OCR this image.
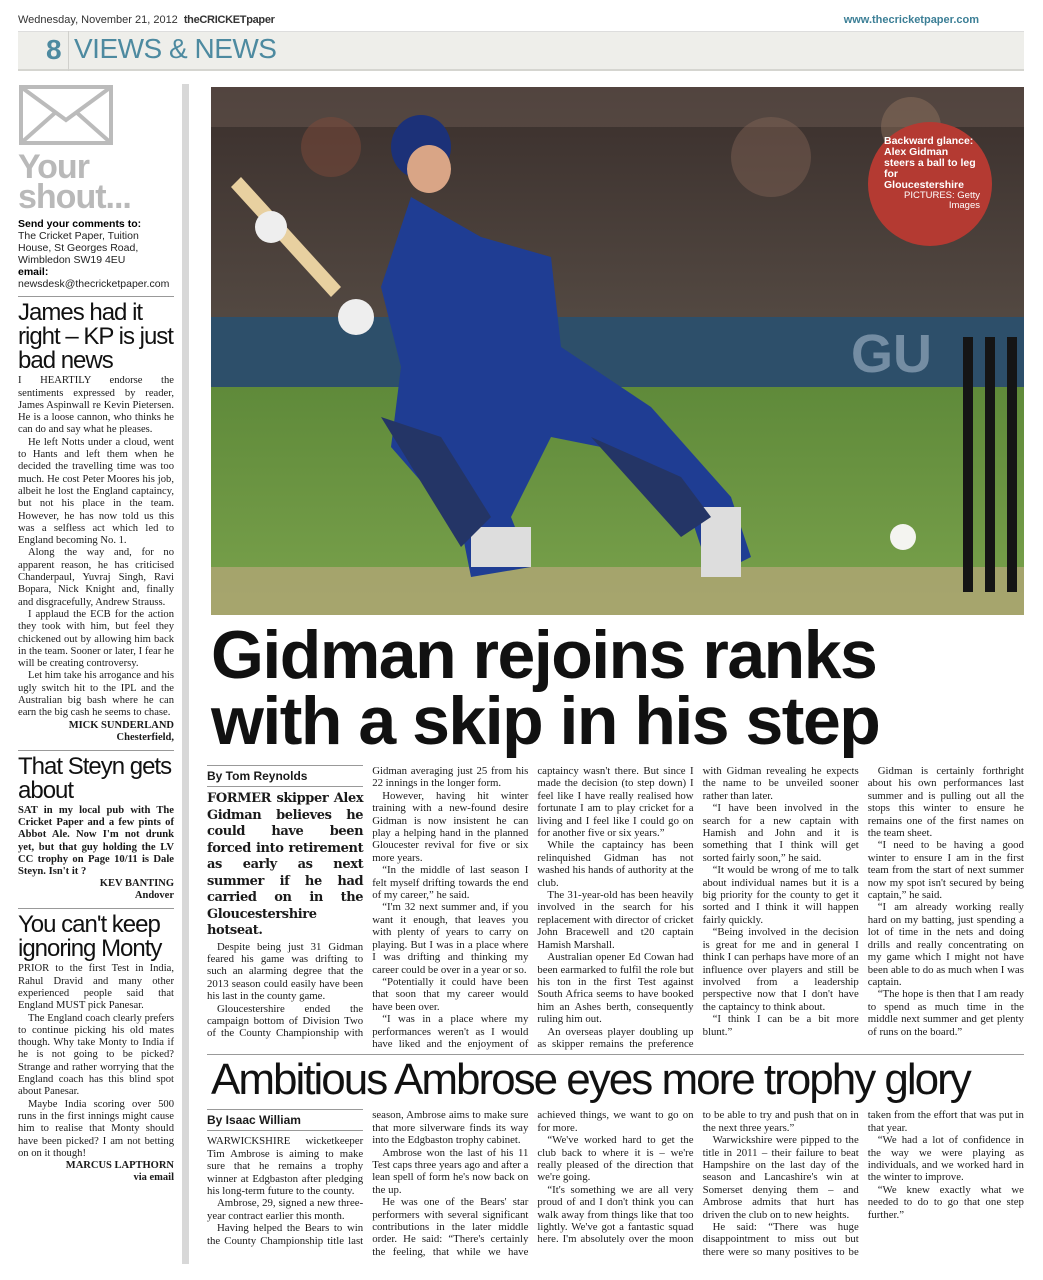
Wednesday, November 21, 2012 theCRICKETpaper	www.thecricketpaper.com
8 VIEWS & NEWS
Your shout...
Send your comments to:
The Cricket Paper, Tuition House, St Georges Road, Wimbledon SW19 4EU
email:
newsdesk@thecricketpaper.com
James had it right – KP is just bad news
I HEARTILY endorse the sentiments expressed by reader, James Aspinwall re Kevin Pietersen. He is a loose cannon, who thinks he can do and say what he pleases.
He left Notts under a cloud, went to Hants and left them when he decided the travelling time was too much. He cost Peter Moores his job, albeit he lost the England captaincy, but not his place in the team. However, he has now told us this was a selfless act which led to England becoming No. 1.
Along the way and, for no apparent reason, he has criticised Chanderpaul, Yuvraj Singh, Ravi Bopara, Nick Knight and, finally and disgracefully, Andrew Strauss.
I applaud the ECB for the action they took with him, but feel they chickened out by allowing him back in the team. Sooner or later, I fear he will be creating controversy.
Let him take his arrogance and his ugly switch hit to the IPL and the Australian big bash where he can earn the big cash he seems to chase.
MICK SUNDERLAND
Chesterfield,
That Steyn gets about
SAT in my local pub with The Cricket Paper and a few pints of Abbot Ale. Now I'm not drunk yet, but that guy holding the LV CC trophy on Page 10/11 is Dale Steyn. Isn't it ?
KEV BANTING
Andover
You can't keep ignoring Monty
PRIOR to the first Test in India, Rahul Dravid and many other experienced people said that England MUST pick Panesar.
The England coach clearly prefers to continue picking his old mates though. Why take Monty to India if he is not going to be picked? Strange and rather worrying that the England coach has this blind spot about Panesar.
Maybe India scoring over 500 runs in the first innings might cause him to realise that Monty should have been picked? I am not betting on on it though!
MARCUS LAPTHORN
via email
GU
Backward glance: Alex Gidman steers a ball to leg for Gloucestershire
PICTURES: Getty Images
Gidman rejoins ranks with a skip in his step
By Tom Reynolds
FORMER skipper Alex Gidman believes he could have been forced into retirement as early as next summer if he had carried on in the Gloucestershire hotseat.

Despite being just 31 Gidman feared his game was drifting to such an alarming degree that the 2013 season could easily have been his last in the county game.

Gloucestershire ended the campaign bottom of Division Two of the County Championship with Gidman averaging just 25 from his 22 innings in the longer form.

However, having hit winter training with a new-found desire Gidman is now insistent he can play a helping hand in the planned Gloucester revival for five or six more years.

“In the middle of last season I felt myself drifting towards the end of my career,” he said.

“I'm 32 next summer and, if you want it enough, that leaves you with plenty of years to carry on playing. But I was in a place where I was drifting and thinking my career could be over in a year or so.

“Potentially it could have been that soon that my career would have been over.

“I was in a place where my performances weren't as I would have liked and the enjoyment of captaincy wasn't there. But since I made the decision (to step down) I feel like I have really realised how fortunate I am to play cricket for a living and I feel like I could go on for another five or six years.”

While the captaincy has been relinquished Gidman has not washed his hands of authority at the club.

The 31-year-old has been heavily involved in the search for his replacement with director of cricket John Bracewell and t20 captain Hamish Marshall.

Australian opener Ed Cowan had been earmarked to fulfil the role but his ton in the first Test against South Africa seems to have booked him an Ashes berth, consequently ruling him out.

An overseas player doubling up as skipper remains the preference with Gidman revealing he expects the name to be unveiled sooner rather than later.

“I have been involved in the search for a new captain with Hamish and John and it is something that I think will get sorted fairly soon,” he said.

“It would be wrong of me to talk about individual names but it is a big priority for the county to get it sorted and I think it will happen fairly quickly.

“Being involved in the decision is great for me and in general I think I can perhaps have more of an influence over players and still be involved from a leadership perspective now that I don't have the captaincy to think about.

“I think I can be a bit more blunt.”

Gidman is certainly forthright about his own performances last summer and is pulling out all the stops this winter to ensure he remains one of the first names on the team sheet.

“I need to be having a good winter to ensure I am in the first team from the start of next summer now my spot isn't secured by being captain,” he said.

“I am already working really hard on my batting, just spending a lot of time in the nets and doing drills and really concentrating on my game which I might not have been able to do as much when I was captain.

“The hope is then that I am ready to spend as much time in the middle next summer and get plenty of runs on the board.”

Ambitious Ambrose eyes more trophy glory
By Isaac William

WARWICKSHIRE wicketkeeper Tim Ambrose is aiming to make sure that he remains a trophy winner at Edgbaston after pledging his long-term future to the county.

Ambrose, 29, signed a new three-year contract earlier this month.

Having helped the Bears to win the County Championship title last season, Ambrose aims to make sure that more silverware finds its way into the Edgbaston trophy cabinet.

Ambrose won the last of his 11 Test caps three years ago and after a lean spell of form he's now back on the up.

He was one of the Bears' star performers with several significant contributions in the later middle order. He said: “There's certainly the feeling, that while we have achieved things, we want to go on for more.

“We've worked hard to get the club back to where it is – we're really pleased of the direction that we're going.

“It's something we are all very proud of and I don't think you can walk away from things like that too lightly. We've got a fantastic squad here. I'm absolutely over the moon to be able to try and push that on in the next three years.”

Warwickshire were pipped to the title in 2011 – their failure to beat Hampshire on the last day of the season and Lancashire's win at Somerset denying them – and Ambrose admits that hurt has driven the club on to new heights.

He said: “There was huge disappointment to miss out but there were so many positives to be taken from the effort that was put in that year.

“We had a lot of confidence in the way we were playing as individuals, and we worked hard in the winter to improve.

“We knew exactly what we needed to do to go that one step further.”
